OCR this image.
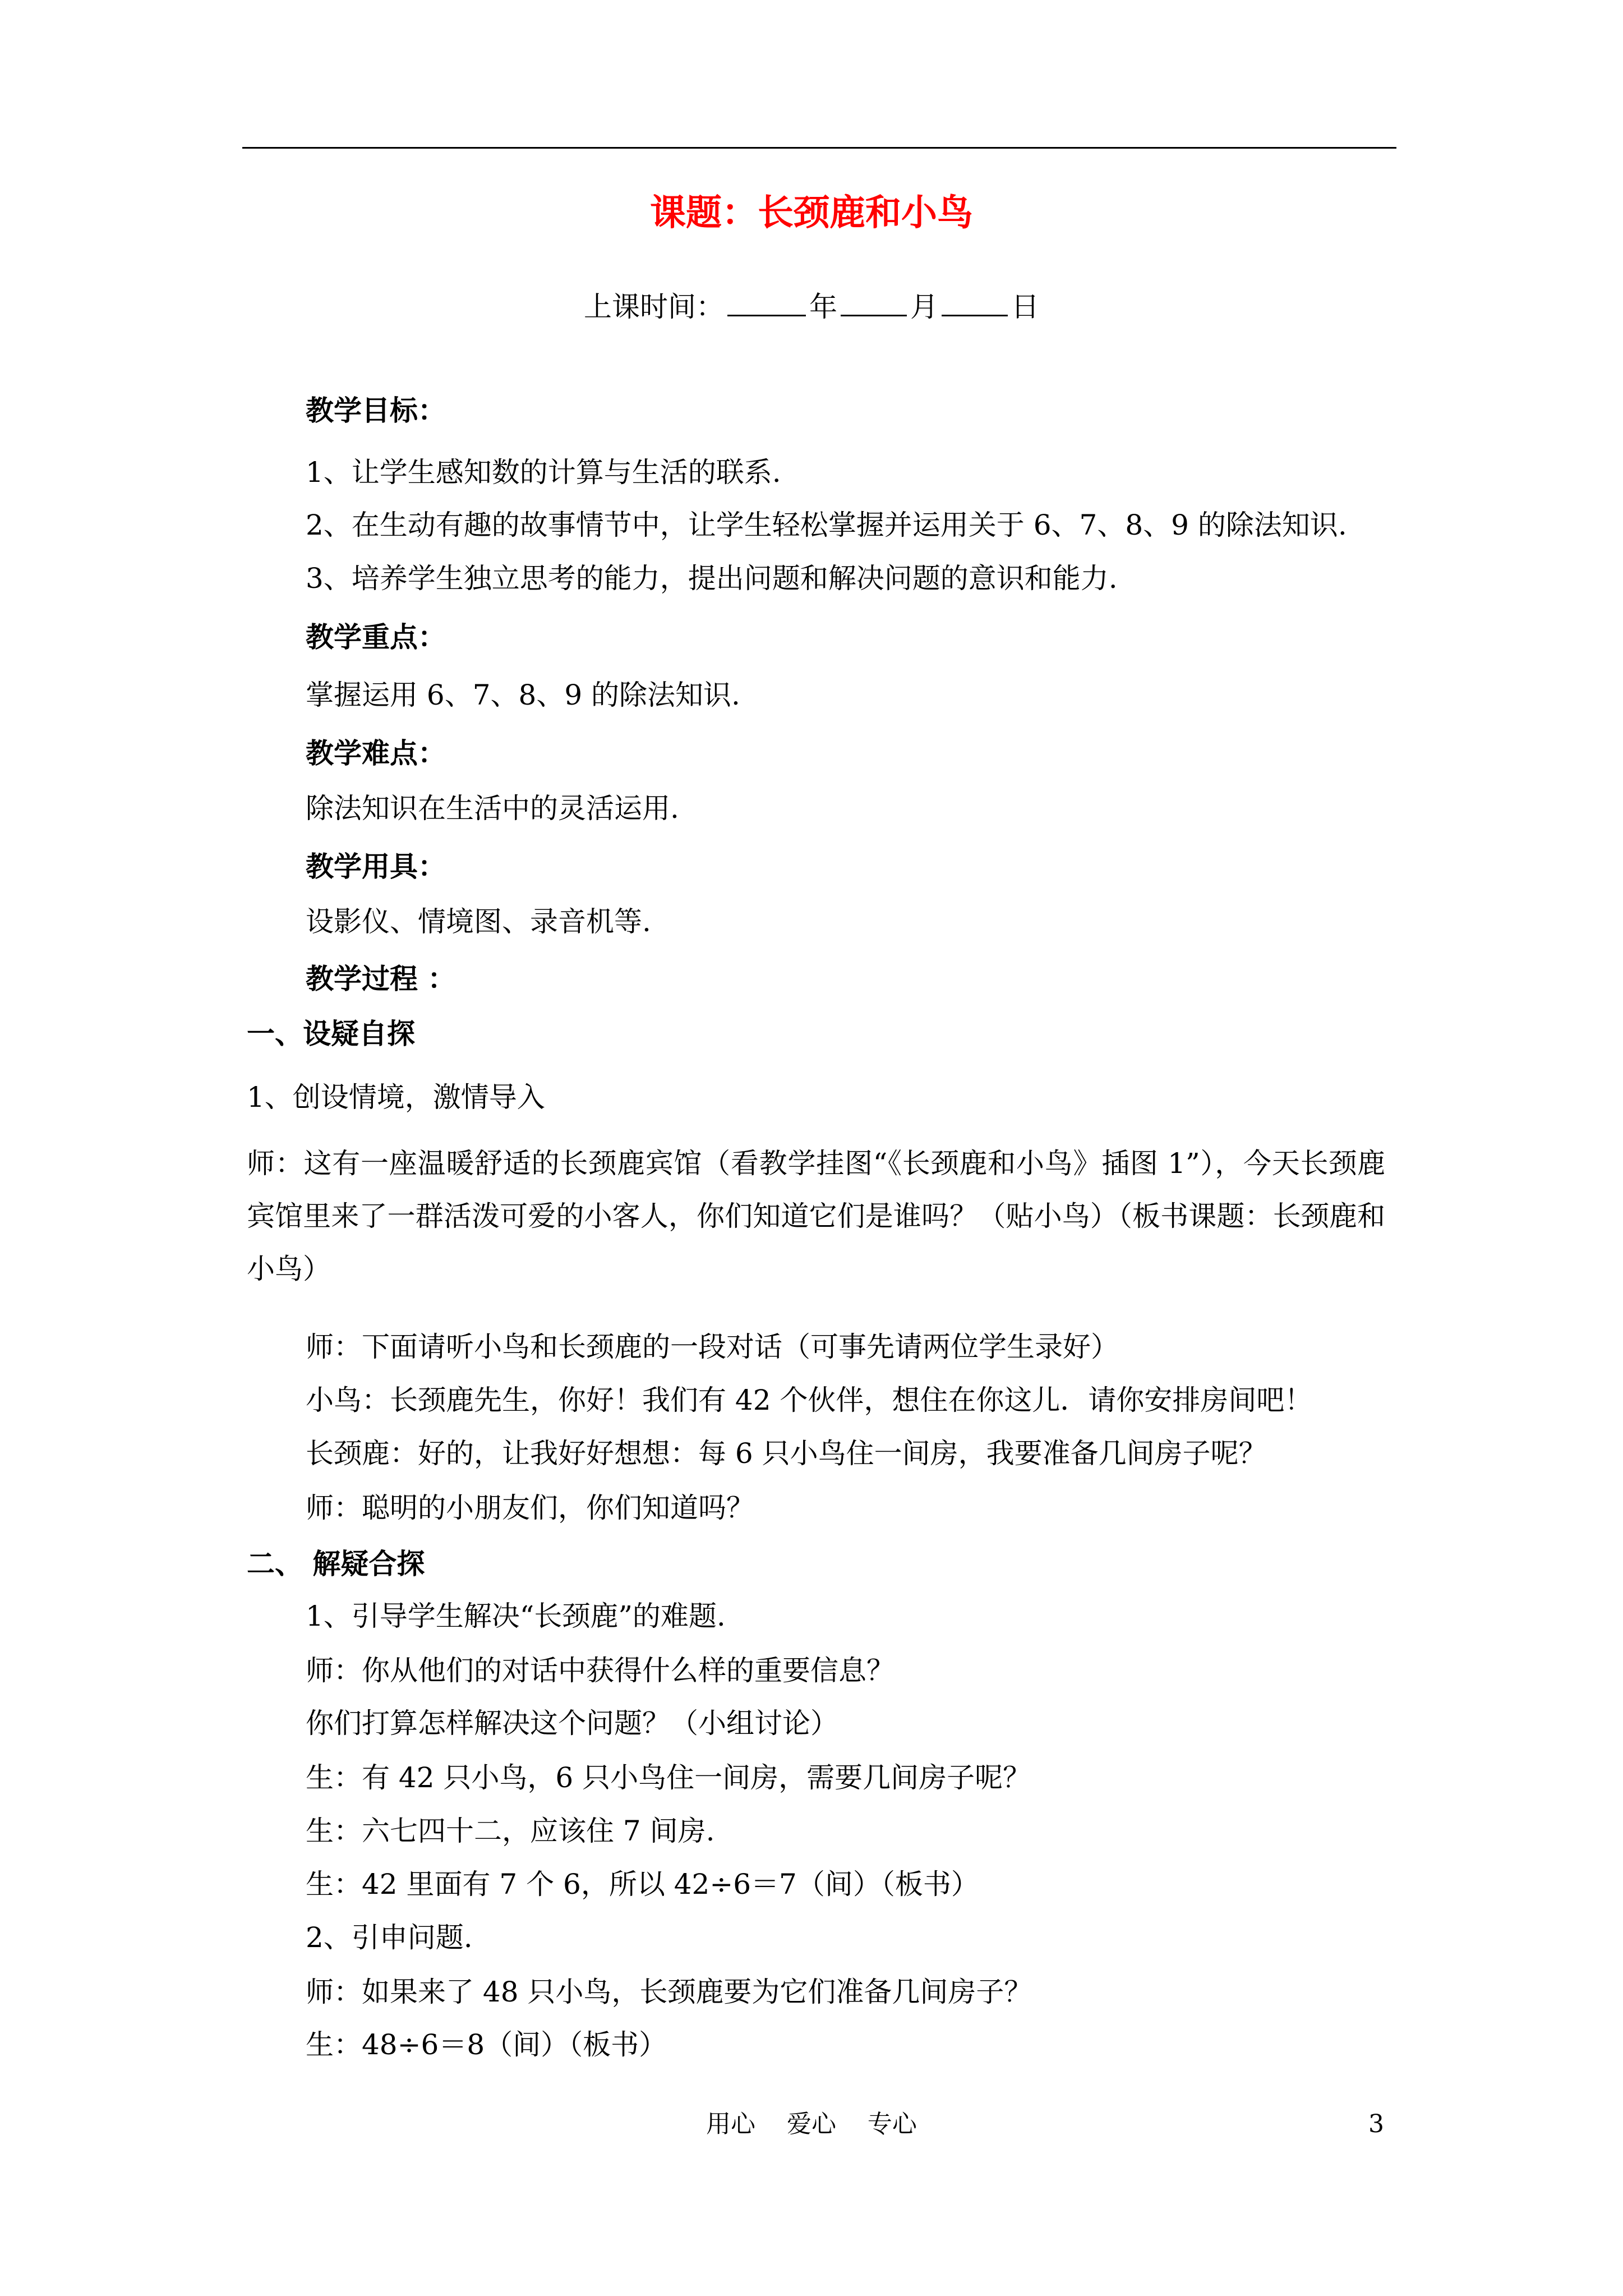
课题：长颈鹿和小鸟
上课时间：	年	月	日
教学目标：
1、让学生感知数的计算与生活的联系.
2、在生动有趣的故事情节中，让学生轻松掌握并运用关于 6、7、8、9 的除法知识.
3、培养学生独立思考的能力，提出问题和解决问题的意识和能力.
教学重点：
掌握运用 6、7、8、9 的除法知识.
教学难点：
除法知识在生活中的灵活运用.
教学用具：
设影仪、情境图、录音机等.
教学过程 ：
一、设疑自探
1、创设情境，激情导入
师：这有一座温暖舒适的长颈鹿宾馆（看教学挂图“《长颈鹿和小鸟》插图 1”），今天长颈鹿宾馆里来了一群活泼可爱的小客人，你们知道它们是谁吗？（贴小鸟）（板书课题：长颈鹿和小鸟）
师：下面请听小鸟和长颈鹿的一段对话（可事先请两位学生录好）
小鸟：长颈鹿先生，你好！我们有 42 个伙伴，想住在你这儿．请你安排房间吧！
长颈鹿：好的，让我好好想想：每 6 只小鸟住一间房，我要准备几间房子呢？
师：聪明的小朋友们，你们知道吗？
二、 解疑合探
1、引导学生解决“长颈鹿”的难题.
师：你从他们的对话中获得什么样的重要信息？
你们打算怎样解决这个问题？（小组讨论）
生：有 42 只小鸟，6 只小鸟住一间房，需要几间房子呢？
生：六七四十二，应该住 7 间房.
生：42 里面有 7 个 6，所以 42÷6＝7（间）（板书）
2、引申问题.
师：如果来了 48 只小鸟，长颈鹿要为它们准备几间房子？
生：48÷6＝8（间）（板书）
用心    爱心    专心	3
